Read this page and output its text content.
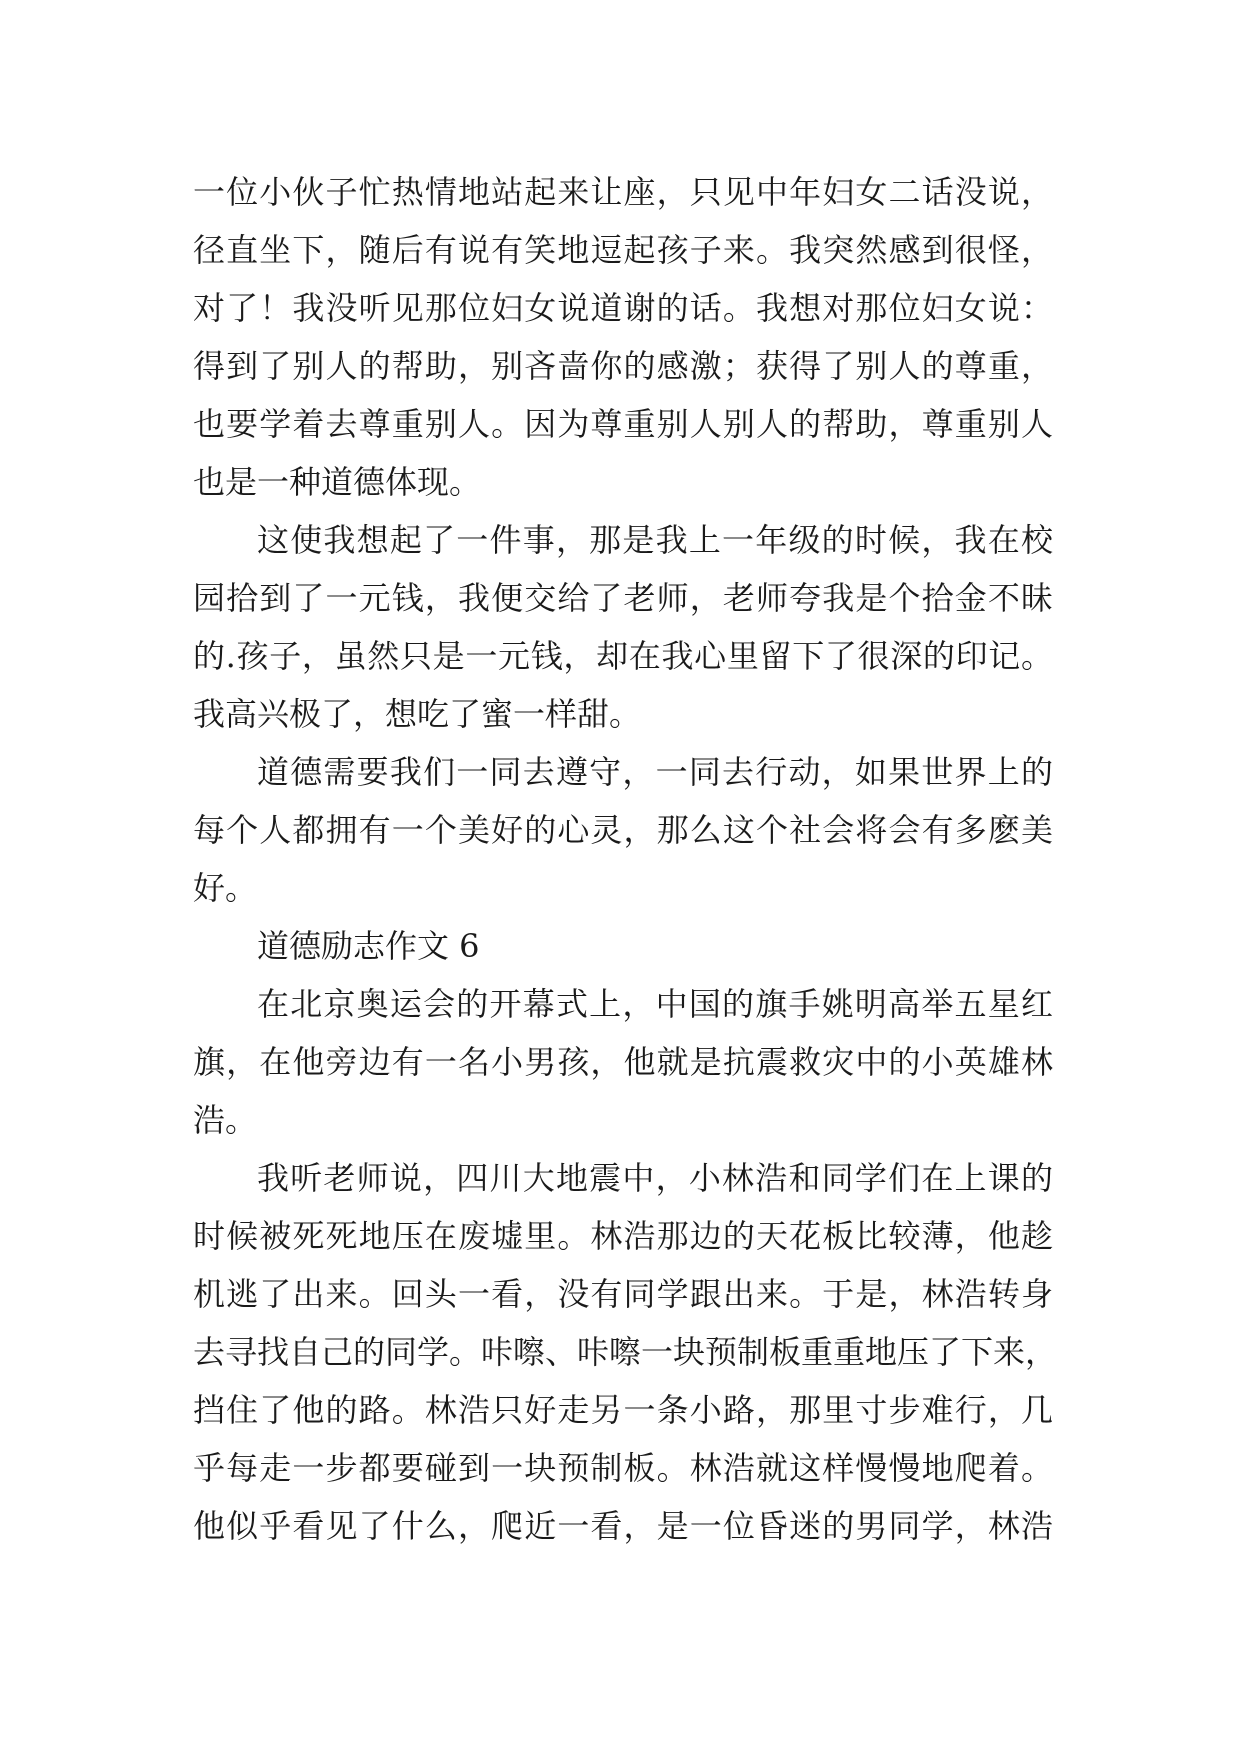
一位小伙子忙热情地站起来让座，只见中年妇女二话没说，
径直坐下，随后有说有笑地逗起孩子来。我突然感到很怪，
对了！我没听见那位妇女说道谢的话。我想对那位妇女说：
得到了别人的帮助，别吝啬你的感激；获得了别人的尊重，
也要学着去尊重别人。因为尊重别人别人的帮助，尊重别人
也是一种道德体现。
这使我想起了一件事，那是我上一年级的时候，我在校
园拾到了一元钱，我便交给了老师，老师夸我是个拾金不昧
的.孩子，虽然只是一元钱，却在我心里留下了很深的印记。
我高兴极了，想吃了蜜一样甜。
道德需要我们一同去遵守，一同去行动，如果世界上的
每个人都拥有一个美好的心灵，那么这个社会将会有多麽美
好。
道德励志作文 6
在北京奥运会的开幕式上，中国的旗手姚明高举五星红
旗，在他旁边有一名小男孩，他就是抗震救灾中的小英雄林
浩。
我听老师说，四川大地震中，小林浩和同学们在上课的
时候被死死地压在废墟里。林浩那边的天花板比较薄，他趁
机逃了出来。回头一看，没有同学跟出来。于是，林浩转身
去寻找自己的同学。咔嚓、咔嚓一块预制板重重地压了下来，
挡住了他的路。林浩只好走另一条小路，那里寸步难行，几
乎每走一步都要碰到一块预制板。林浩就这样慢慢地爬着。
他似乎看见了什么，爬近一看，是一位昏迷的男同学，林浩
